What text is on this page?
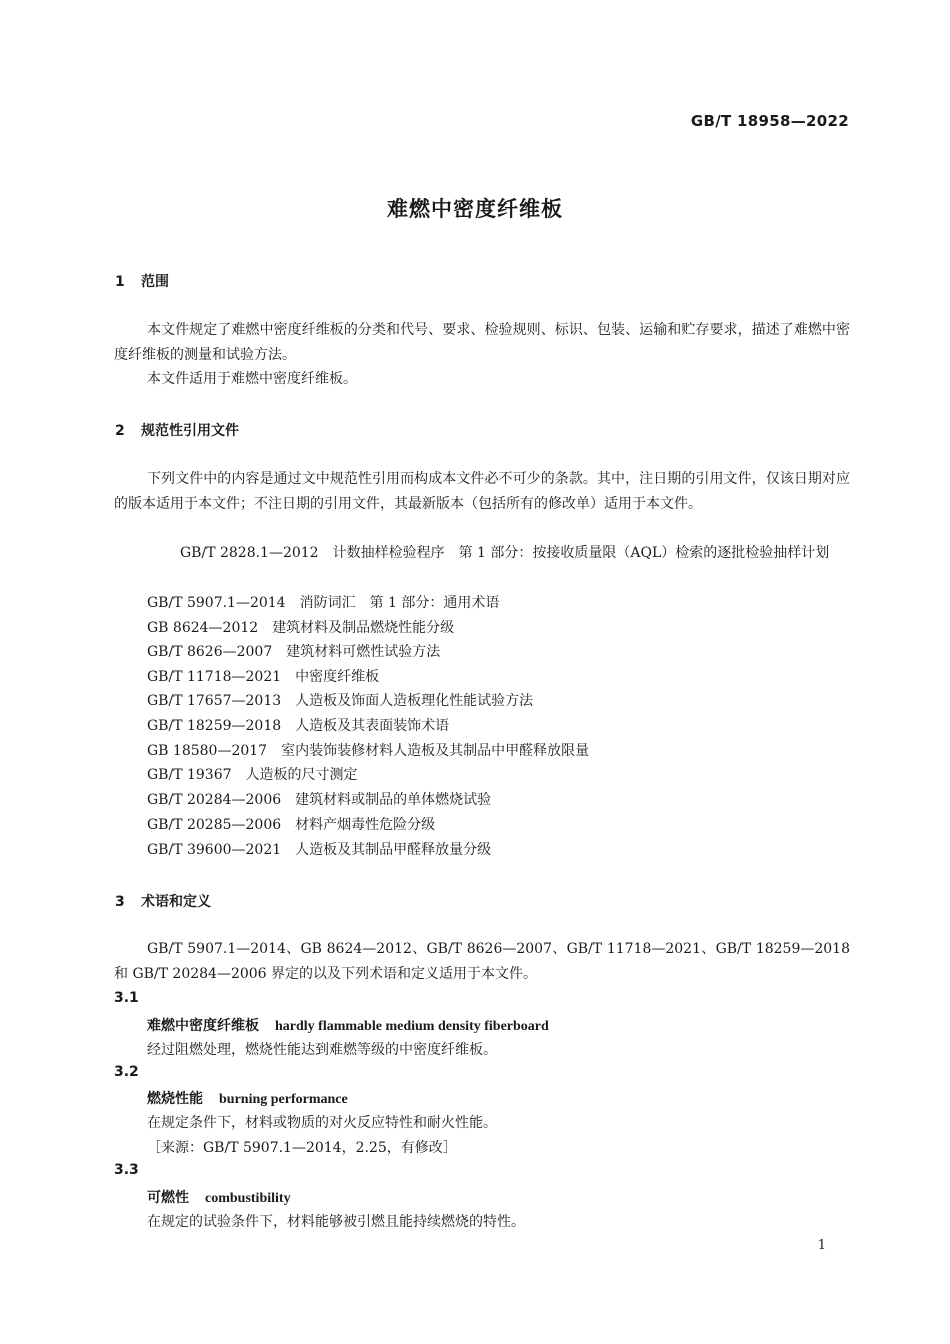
GB/T 18958—2022
难燃中密度纤维板
1 范围
本文件规定了难燃中密度纤维板的分类和代号、要求、检验规则、标识、包装、运输和贮存要求，描述了难燃中密度纤维板的测量和试验方法。
本文件适用于难燃中密度纤维板。
2 规范性引用文件
下列文件中的内容是通过文中规范性引用而构成本文件必不可少的条款。其中，注日期的引用文件，仅该日期对应的版本适用于本文件；不注日期的引用文件，其最新版本（包括所有的修改单）适用于本文件。
GB/T 2828.1—2012 计数抽样检验程序　第 1 部分：按接收质量限（AQL）检索的逐批检验抽样计划
GB/T 5907.1—2014 消防词汇　第 1 部分：通用术语
GB 8624—2012 建筑材料及制品燃烧性能分级
GB/T 8626—2007 建筑材料可燃性试验方法
GB/T 11718—2021 中密度纤维板
GB/T 17657—2013 人造板及饰面人造板理化性能试验方法
GB/T 18259—2018 人造板及其表面装饰术语
GB 18580—2017 室内装饰装修材料人造板及其制品中甲醛释放限量
GB/T 19367 人造板的尺寸测定
GB/T 20284—2006 建筑材料或制品的单体燃烧试验
GB/T 20285—2006 材料产烟毒性危险分级
GB/T 39600—2021 人造板及其制品甲醛释放量分级
3 术语和定义
GB/T 5907.1—2014、GB 8624—2012、GB/T 8626—2007、GB/T 11718—2021、GB/T 18259—2018 和 GB/T 20284—2006 界定的以及下列术语和定义适用于本文件。
3.1
难燃中密度纤维板 hardly flammable medium density fiberboard
经过阻燃处理，燃烧性能达到难燃等级的中密度纤维板。
3.2
燃烧性能 burning performance
在规定条件下，材料或物质的对火反应特性和耐火性能。
［来源：GB/T 5907.1—2014，2.25，有修改］
3.3
可燃性 combustibility
在规定的试验条件下，材料能够被引燃且能持续燃烧的特性。
1
